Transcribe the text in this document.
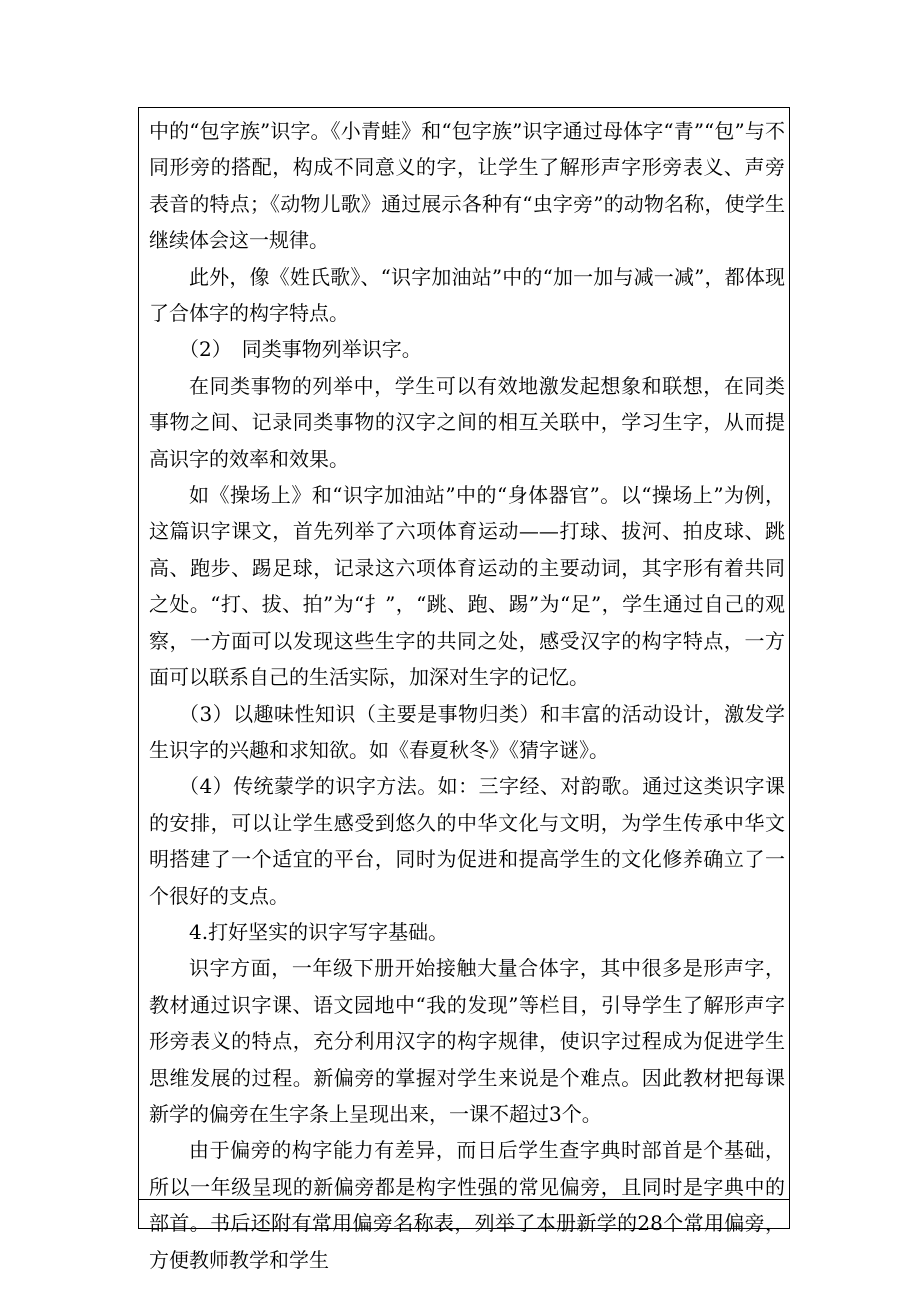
中的“包字族”识字。《小青蛙》和“包字族”识字通过母体字“青”“包”与不同形旁的搭配，构成不同意义的字，让学生了解形声字形旁表义、声旁表音的特点；《动物儿歌》通过展示各种有“虫字旁”的动物名称，使学生继续体会这一规律。

此外，像《姓氏歌》、“识字加油站”中的“加一加与减一减”，都体现了合体字的构字特点。

（2）　同类事物列举识字。

在同类事物的列举中，学生可以有效地激发起想象和联想，在同类事物之间、记录同类事物的汉字之间的相互关联中，学习生字，从而提高识字的效率和效果。

如《操场上》和“识字加油站”中的“身体器官”。以“操场上”为例，这篇识字课文，首先列举了六项体育运动——打球、拔河、拍皮球、跳高、跑步、踢足球，记录这六项体育运动的主要动词，其字形有着共同之处。“打、拔、拍”为“扌”，“跳、跑、踢”为“足”，学生通过自己的观察，一方面可以发现这些生字的共同之处，感受汉字的构字特点，一方面可以联系自己的生活实际，加深对生字的记忆。

（3）以趣味性知识（主要是事物归类）和丰富的活动设计，激发学生识字的兴趣和求知欲。如《春夏秋冬》《猜字谜》。

（4）传统蒙学的识字方法。如：三字经、对韵歌。通过这类识字课的安排，可以让学生感受到悠久的中华文化与文明，为学生传承中华文明搭建了一个适宜的平台，同时为促进和提高学生的文化修养确立了一个很好的支点。

4.打好坚实的识字写字基础。

识字方面，一年级下册开始接触大量合体字，其中很多是形声字，教材通过识字课、语文园地中“我的发现”等栏目，引导学生了解形声字形旁表义的特点，充分利用汉字的构字规律，使识字过程成为促进学生思维发展的过程。新偏旁的掌握对学生来说是个难点。因此教材把每课新学的偏旁在生字条上呈现出来，一课不超过3个。

由于偏旁的构字能力有差异，而日后学生查字典时部首是个基础，所以一年级呈现的新偏旁都是构字性强的常见偏旁，且同时是字典中的部首。书后还附有常用偏旁名称表，列举了本册新学的28个常用偏旁，方便教师教学和学生
